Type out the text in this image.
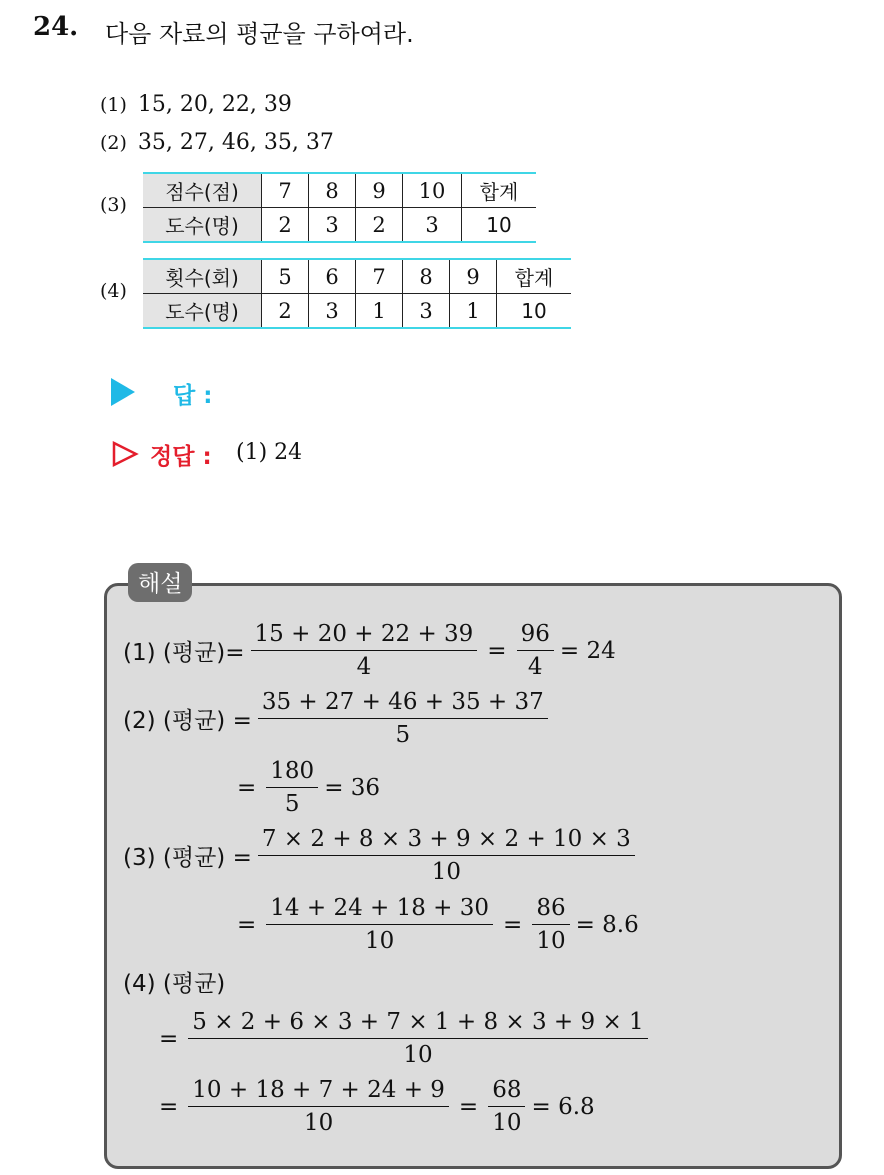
24. 다음 자료의 평균을 구하여라.
(1) 15, 20, 22, 39
(2) 35, 27, 46, 35, 37
(3)
점수(점)	7	8	9	10	합계
도수(명)	2	3	2	3	10
(4)
횟수(회)	5	6	7	8	9	합계
도수(명)	2	3	1	3	1	10
답 :
정답 : (1) 24
해설
(1) (평균)= $\frac{15 + 20 + 22 + 39}{4} = \frac{96}{4} = 24$
(2) (평균) = $\frac{35 + 27 + 46 + 35 + 37}{5}$
= $\frac{180}{5} = 36$
(3) (평균) = $\frac{7 \times 2 + 8 \times 3 + 9 \times 2 + 10 \times 3}{10}$
= $\frac{14 + 24 + 18 + 30}{10} = \frac{86}{10} = 8.6$
(4) (평균)
= $\frac{5 \times 2 + 6 \times 3 + 7 \times 1 + 8 \times 3 + 9 \times 1}{10}$
= $\frac{10 + 18 + 7 + 24 + 9}{10} = \frac{68}{10} = 6.8$
